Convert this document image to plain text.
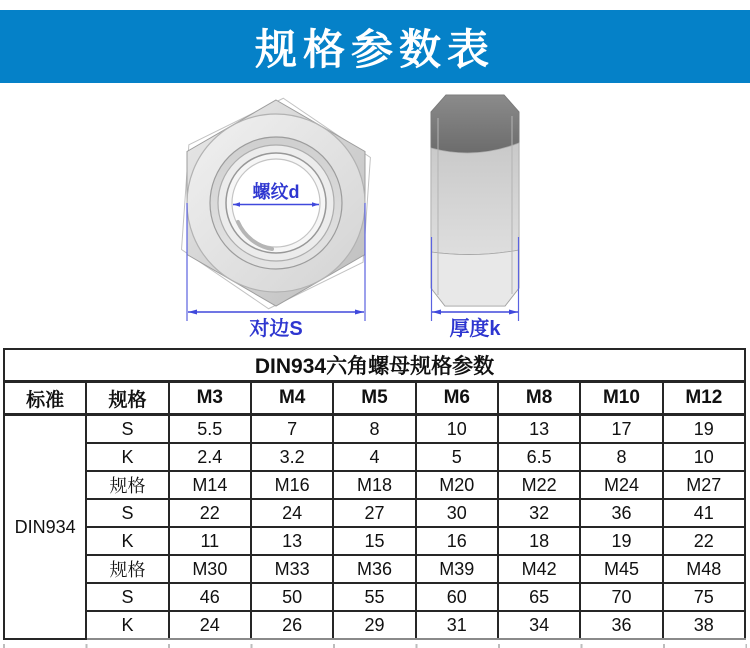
规格参数表
螺纹d
对边S	厚度k
DIN934六角螺母规格参数								
标准	规格	M3	M4	M5	M6	M8	M10	M12
DIN934	S	5.5	7	8	10	13	17	19
	K	2.4	3.2	4	5	6.5	8	10
	规格	M14	M16	M18	M20	M22	M24	M27
	S	22	24	27	30	32	36	41
	K	11	13	15	16	18	19	22
	规格	M30	M33	M36	M39	M42	M45	M48
	S	46	50	55	60	65	70	75
	K	24	26	29	31	34	36	38
